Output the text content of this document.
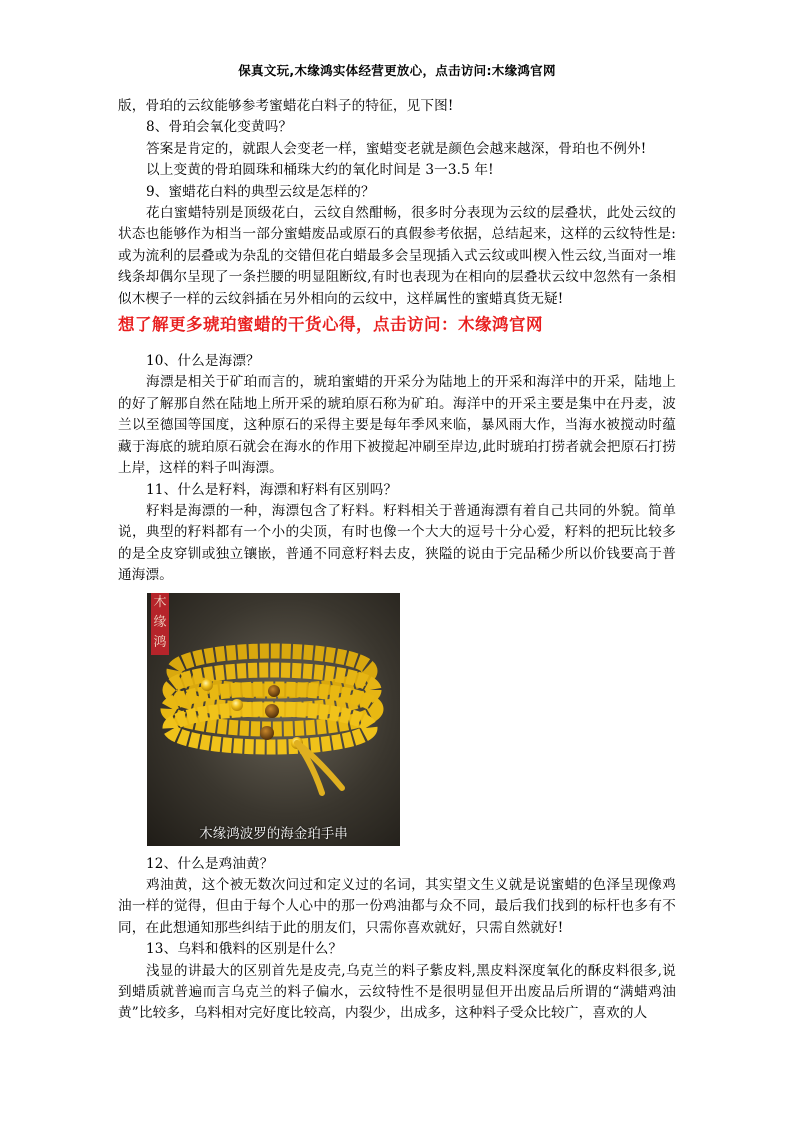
保真文玩,木缘鸿实体经营更放心，点击访问:木缘鸿官网

版，骨珀的云纹能够参考蜜蜡花白料子的特征，见下图!

8、骨珀会氧化变黄吗？

答案是肯定的，就跟人会变老一样，蜜蜡变老就是颜色会越来越深，骨珀也不例外!

以上变黄的骨珀圆珠和桶珠大约的氧化时间是 3一3.5 年!

9、蜜蜡花白料的典型云纹是怎样的？

花白蜜蜡特别是顶级花白，云纹自然酣畅，很多时分表现为云纹的层叠状，此处云纹的状态也能够作为相当一部分蜜蜡废品或原石的真假参考依据，总结起来，这样的云纹特性是:或为流利的层叠或为杂乱的交错但花白蜡最多会呈现插入式云纹或叫楔入性云纹,当面对一堆线条却偶尔呈现了一条拦腰的明显阻断纹,有时也表现为在相向的层叠状云纹中忽然有一条相似木楔子一样的云纹斜插在另外相向的云纹中，这样属性的蜜蜡真货无疑!

想了解更多琥珀蜜蜡的干货心得，点击访问：木缘鸿官网

10、什么是海漂？

海漂是相关于矿珀而言的，琥珀蜜蜡的开采分为陆地上的开采和海洋中的开采，陆地上的好了解那自然在陆地上所开采的琥珀原石称为矿珀。海洋中的开采主要是集中在丹麦，波兰以至德国等国度，这种原石的采得主要是每年季风来临，暴风雨大作，当海水被搅动时蕴藏于海底的琥珀原石就会在海水的作用下被搅起冲刷至岸边,此时琥珀打捞者就会把原石打捞上岸，这样的料子叫海漂。

11、什么是籽料，海漂和籽料有区别吗？

籽料是海漂的一种，海漂包含了籽料。籽料相关于普通海漂有着自己共同的外貌。简单说，典型的籽料都有一个小的尖顶，有时也像一个大大的逗号十分心爱，籽料的把玩比较多的是全皮穿钏或独立镶嵌，普通不同意籽料去皮，狭隘的说由于完品稀少所以价钱要高于普通海漂。

木缘鸿
木缘鸿波罗的海金珀手串

12、什么是鸡油黄？

鸡油黄，这个被无数次问过和定义过的名词，其实望文生义就是说蜜蜡的色泽呈现像鸡油一样的觉得，但由于每个人心中的那一份鸡油都与众不同，最后我们找到的标杆也多有不同，在此想通知那些纠结于此的朋友们，只需你喜欢就好，只需自然就好!

13、乌料和俄料的区别是什么？

浅显的讲最大的区别首先是皮壳,乌克兰的料子紫皮料,黑皮料深度氧化的酥皮料很多,说到蜡质就普遍而言乌克兰的料子偏水，云纹特性不是很明显但开出废品后所谓的“满蜡鸡油黄”比较多，乌料相对完好度比较高，内裂少，出成多，这种料子受众比较广，喜欢的人
